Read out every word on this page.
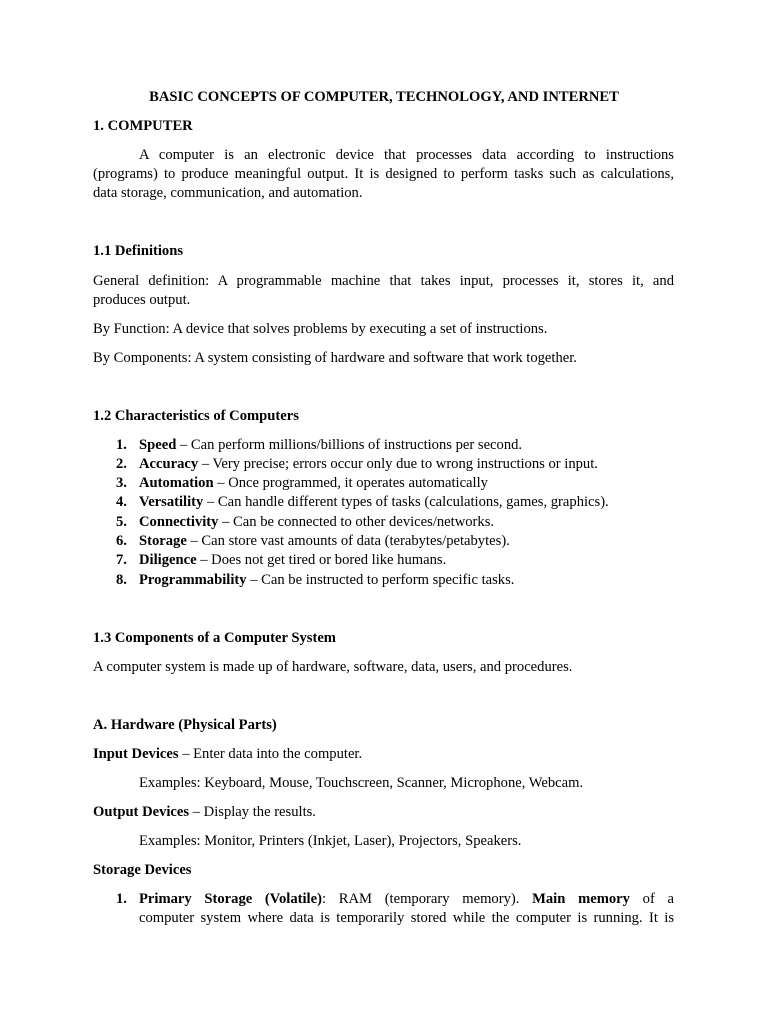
BASIC CONCEPTS OF COMPUTER, TECHNOLOGY, AND INTERNET
1. COMPUTER
A computer is an electronic device that processes data according to instructions
(programs) to produce meaningful output. It is designed to perform tasks such as calculations,
data storage, communication, and automation.
1.1 Definitions
General definition: A programmable machine that takes input, processes it, stores it, and
produces output.
By Function: A device that solves problems by executing a set of instructions.
By Components: A system consisting of hardware and software that work together.
1.2 Characteristics of Computers
1. Speed – Can perform millions/billions of instructions per second.
2. Accuracy – Very precise; errors occur only due to wrong instructions or input.
3. Automation – Once programmed, it operates automatically
4. Versatility – Can handle different types of tasks (calculations, games, graphics).
5. Connectivity – Can be connected to other devices/networks.
6. Storage – Can store vast amounts of data (terabytes/petabytes).
7. Diligence – Does not get tired or bored like humans.
8. Programmability – Can be instructed to perform specific tasks.
1.3 Components of a Computer System
A computer system is made up of hardware, software, data, users, and procedures.
A. Hardware (Physical Parts)
Input Devices – Enter data into the computer.
Examples: Keyboard, Mouse, Touchscreen, Scanner, Microphone, Webcam.
Output Devices – Display the results.
Examples: Monitor, Printers (Inkjet, Laser), Projectors, Speakers.
Storage Devices
1. Primary Storage (Volatile): RAM (temporary memory). Main memory of a
computer system where data is temporarily stored while the computer is running. It is
